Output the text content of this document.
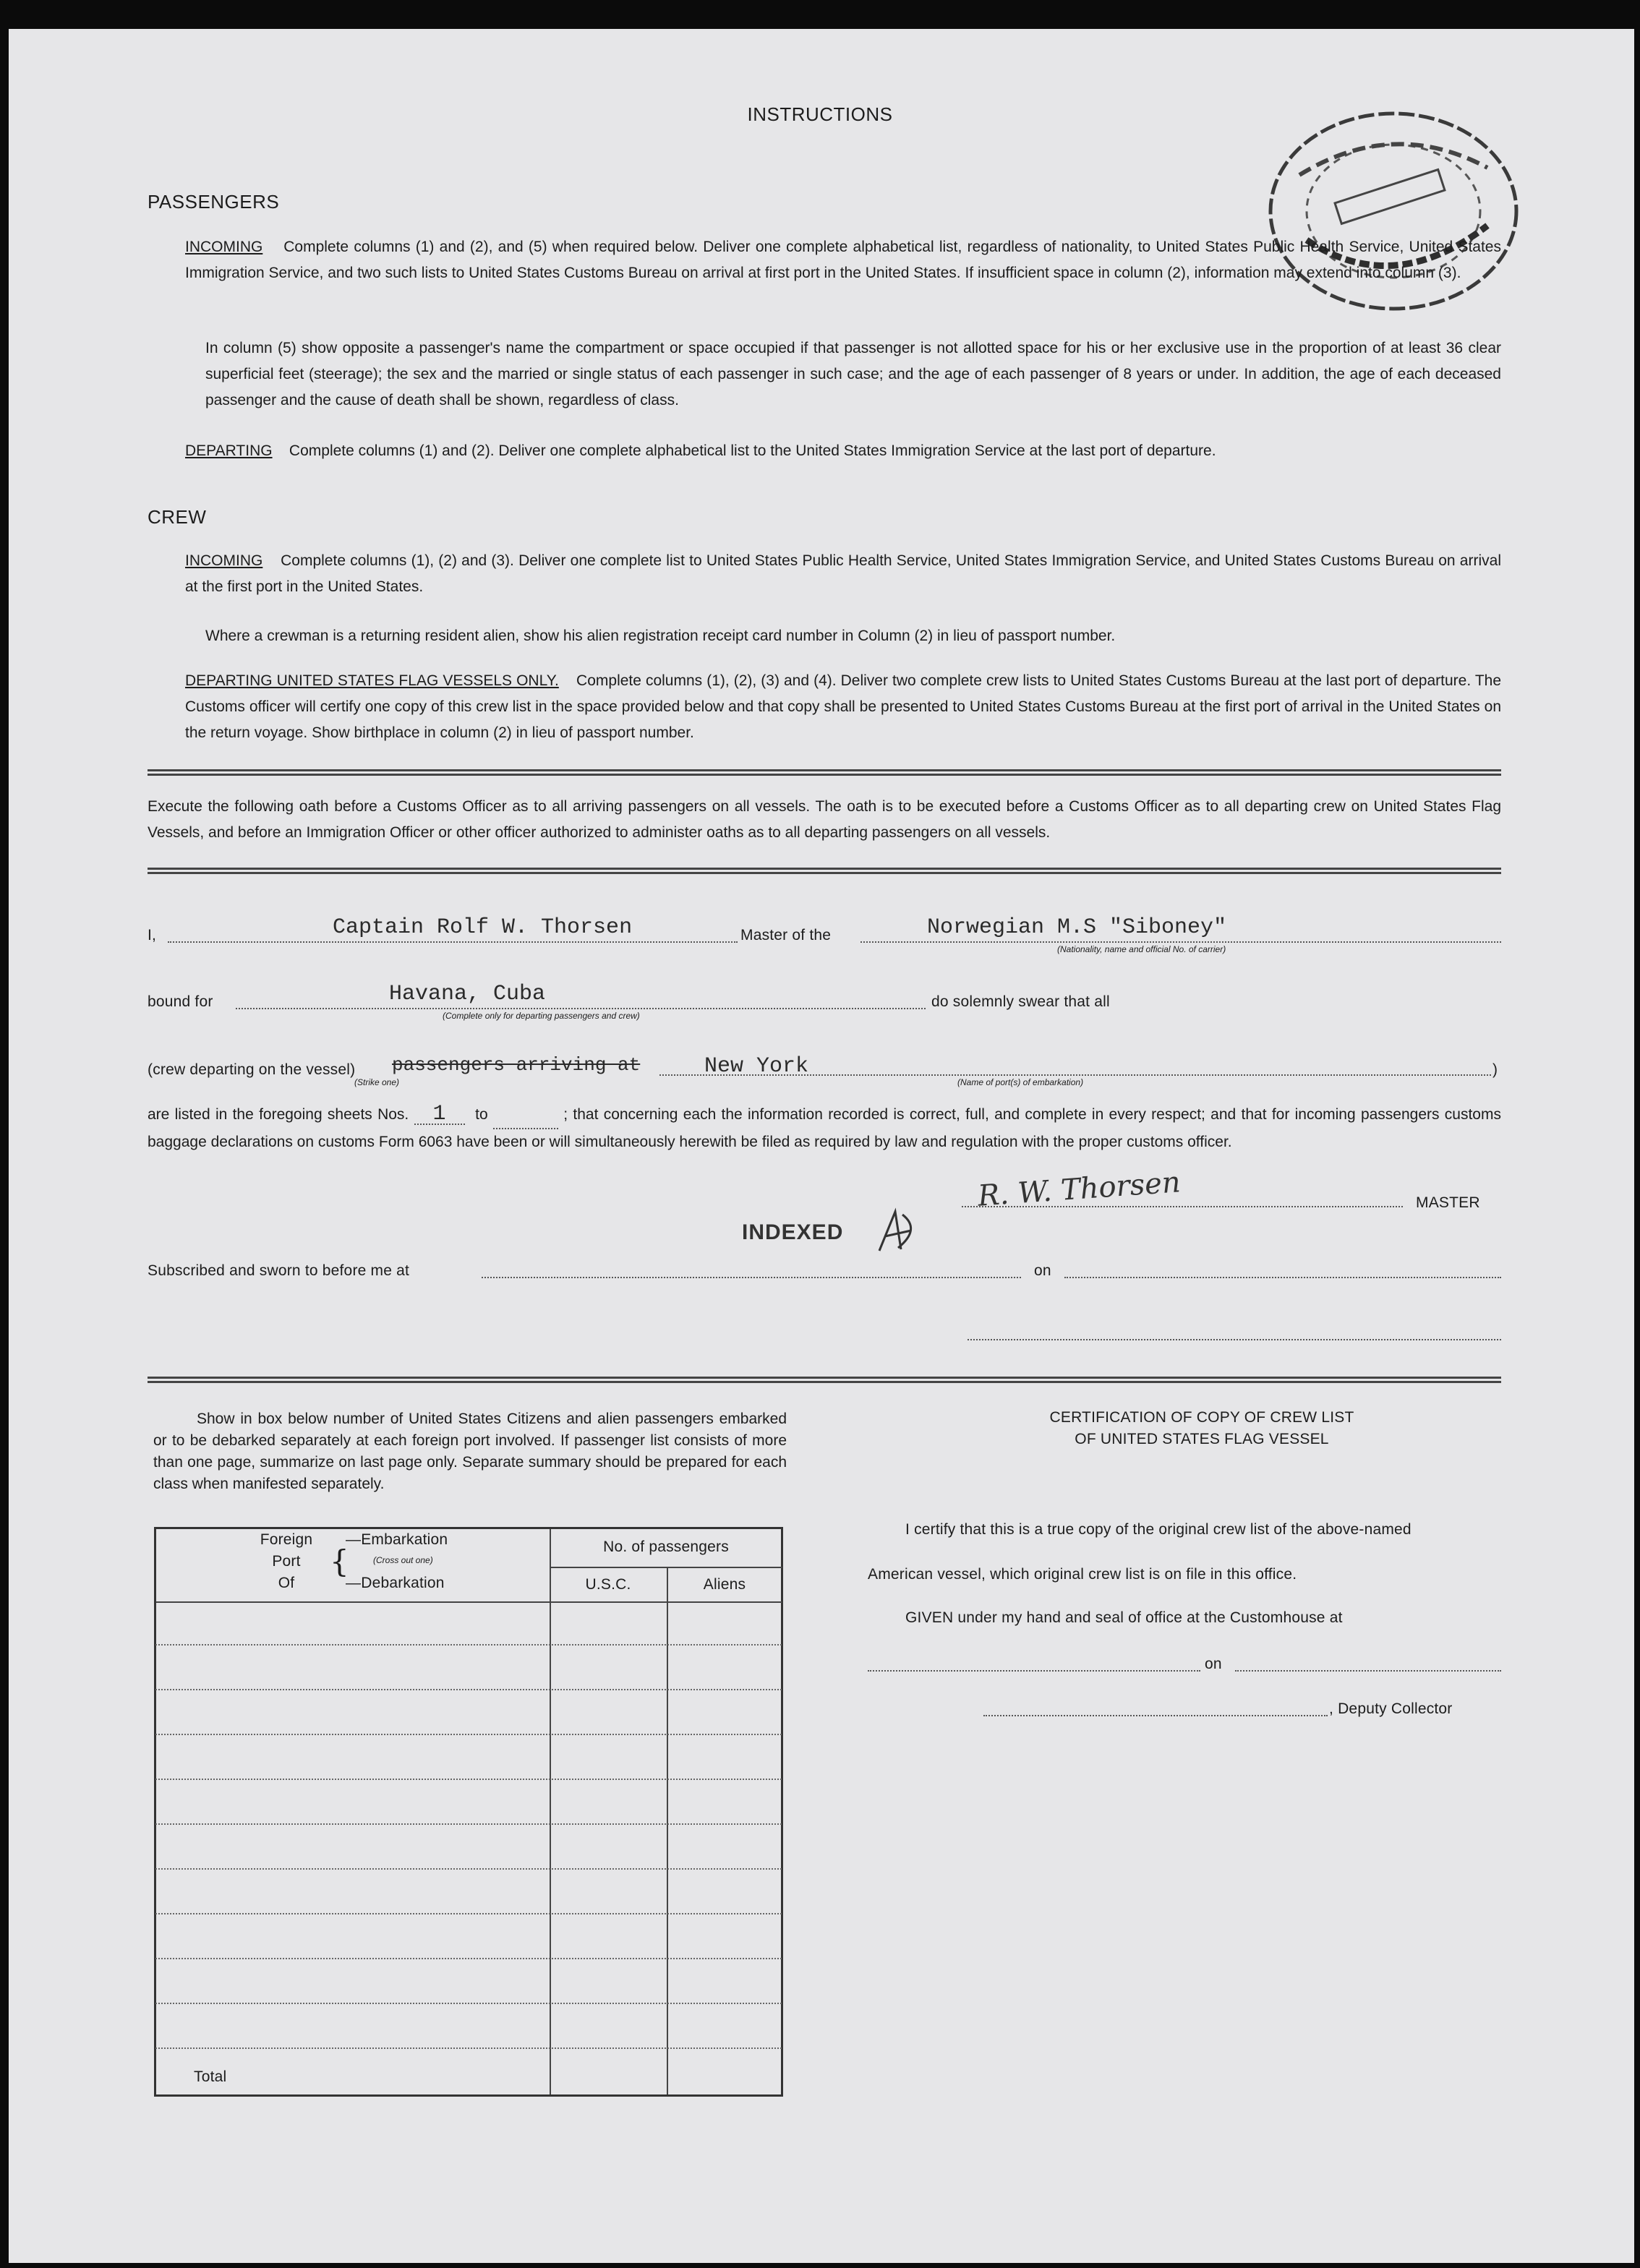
INSTRUCTIONS
PASSENGERS
INCOMING Complete columns (1) and (2), and (5) when required below. Deliver one complete alphabetical list, regardless of nationality, to United States Public Health Service, United States Immigration Service, and two such lists to United States Customs Bureau on arrival at first port in the United States. If insufficient space in column (2), information may extend into column (3).
In column (5) show opposite a passenger's name the compartment or space occupied if that passenger is not allotted space for his or her exclusive use in the proportion of at least 36 clear superficial feet (steerage); the sex and the married or single status of each passenger in such case; and the age of each passenger of 8 years or under. In addition, the age of each deceased passenger and the cause of death shall be shown, regardless of class.
DEPARTING Complete columns (1) and (2). Deliver one complete alphabetical list to the United States Immigration Service at the last port of departure.
CREW
INCOMING Complete columns (1), (2) and (3). Deliver one complete list to United States Public Health Service, United States Immigration Service, and United States Customs Bureau on arrival at the first port in the United States.
Where a crewman is a returning resident alien, show his alien registration receipt card number in Column (2) in lieu of passport number.
DEPARTING UNITED STATES FLAG VESSELS ONLY. Complete columns (1), (2), (3) and (4). Deliver two complete crew lists to United States Customs Bureau at the last port of departure. The Customs officer will certify one copy of this crew list in the space provided below and that copy shall be presented to United States Customs Bureau at the first port of arrival in the United States on the return voyage. Show birthplace in column (2) in lieu of passport number.
Execute the following oath before a Customs Officer as to all arriving passengers on all vessels. The oath is to be executed before a Customs Officer as to all departing crew on United States Flag Vessels, and before an Immigration Officer or other officer authorized to administer oaths as to all departing passengers on all vessels.
I,	Captain Rolf W. Thorsen	Master of the	Norwegian M.S "Siboney"
(Nationality, name and official No. of carrier)
bound for	Havana, Cuba
(Complete only for departing passengers and crew)
do solemnly swear that all
(crew departing on the vessel) passengers arriving at
(Strike one)
New York
(Name of port(s) of embarkation)
)
are listed in the foregoing sheets Nos. 1 to	; that concerning each the information recorded is correct, full, and complete in every respect; and that for incoming passengers customs baggage declarations on customs Form 6063 have been or will simultaneously herewith be filed as required by law and regulation with the proper customs officer.
R. W. Thorsen	MASTER
INDEXED
Subscribed and sworn to before me at	on
Show in box below number of United States Citizens and alien passengers embarked or to be debarked separately at each foreign port involved. If passenger list consists of more than one page, summarize on last page only. Separate summary should be prepared for each class when manifested separately.
Foreign
Port
Of
{
—Embarkation
(Cross out one)
—Debarkation
No. of passengers
U.S.C.	Aliens
Total
CERTIFICATION OF COPY OF CREW LIST
OF UNITED STATES FLAG VESSEL
I certify that this is a true copy of the original crew list of the above-named
American vessel, which original crew list is on file in this office.
GIVEN under my hand and seal of office at the Customhouse at
on
, Deputy Collector
